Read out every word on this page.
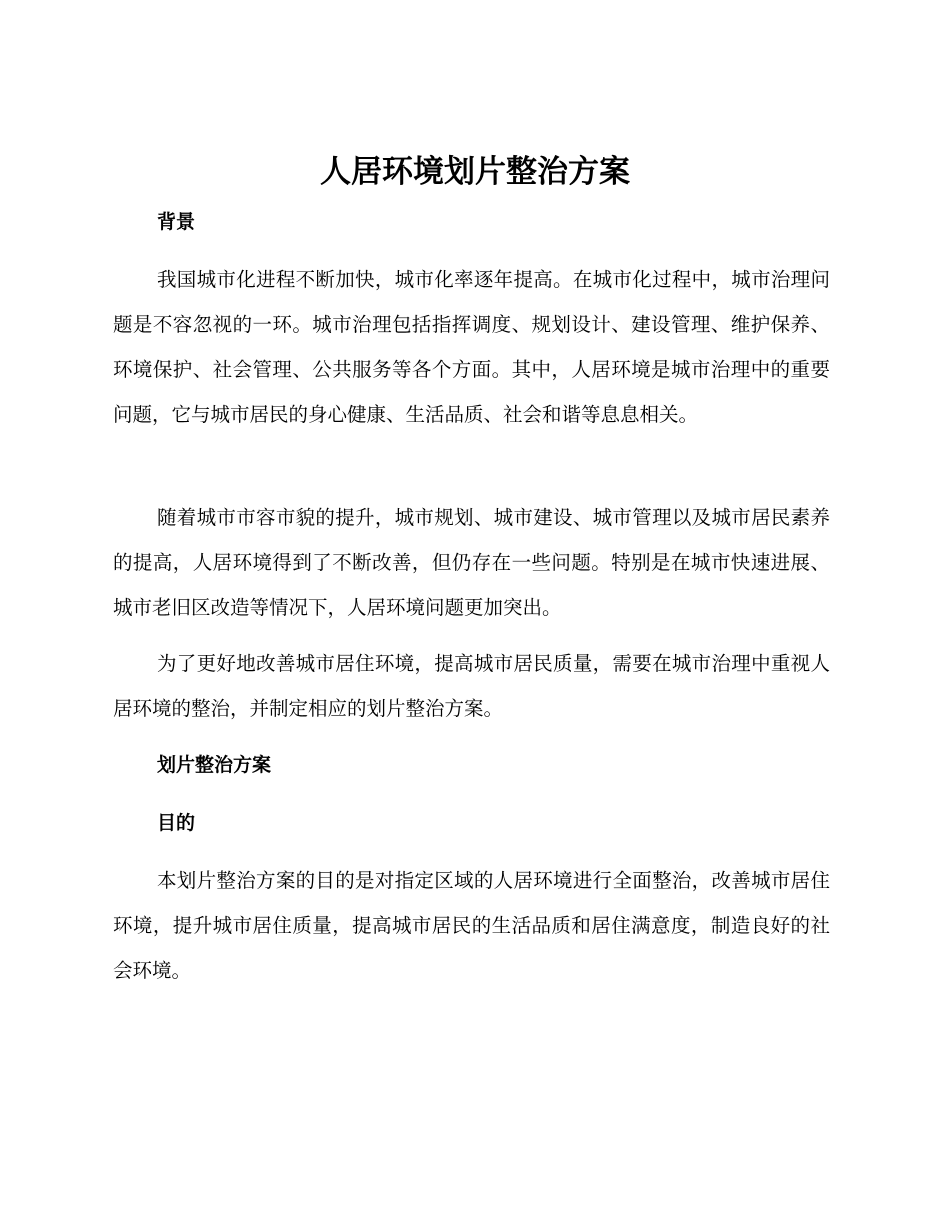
人居环境划片整治方案
背景

我国城市化进程不断加快，城市化率逐年提高。在城市化过程中，城市治理问题是不容忽视的一环。城市治理包括指挥调度、规划设计、建设管理、维护保养、环境保护、社会管理、公共服务等各个方面。其中，人居环境是城市治理中的重要问题，它与城市居民的身心健康、生活品质、社会和谐等息息相关。

随着城市市容市貌的提升，城市规划、城市建设、城市管理以及城市居民素养的提高，人居环境得到了不断改善，但仍存在一些问题。特别是在城市快速进展、城市老旧区改造等情况下，人居环境问题更加突出。

为了更好地改善城市居住环境，提高城市居民质量，需要在城市治理中重视人居环境的整治，并制定相应的划片整治方案。

划片整治方案
目的

本划片整治方案的目的是对指定区域的人居环境进行全面整治，改善城市居住环境，提升城市居住质量，提高城市居民的生活品质和居住满意度，制造良好的社会环境。
